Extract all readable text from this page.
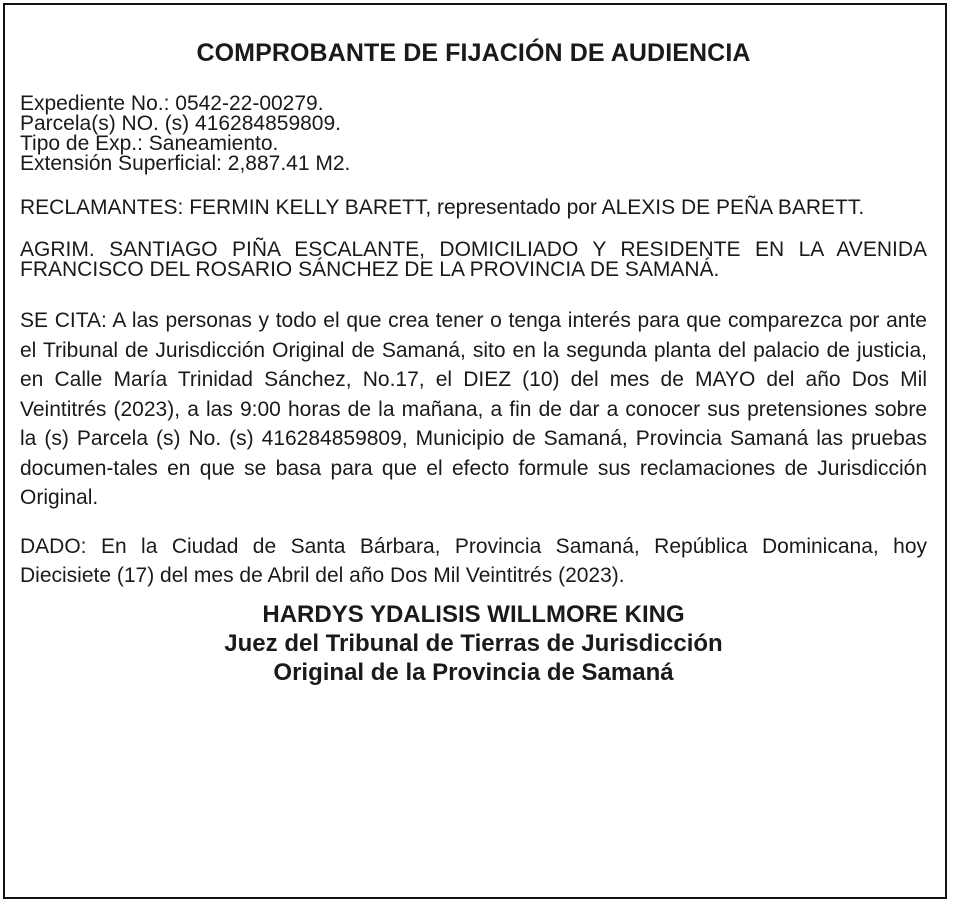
COMPROBANTE DE FIJACIÓN DE AUDIENCIA
Expediente No.: 0542-22-00279.
Parcela(s) NO. (s) 416284859809.
Tipo de Exp.: Saneamiento.
Extensión Superficial: 2,887.41 M2.

RECLAMANTES: FERMIN KELLY BARETT, representado por ALEXIS DE PEÑA BARETT.

AGRIM. SANTIAGO PIÑA ESCALANTE, DOMICILIADO Y RESIDENTE EN LA AVENIDA FRANCISCO DEL ROSARIO SÁNCHEZ DE LA PROVINCIA DE SAMANÁ.

SE CITA: A las personas y todo el que crea tener o tenga interés para que comparezca por ante el Tribunal de Jurisdicción Original de Samaná, sito en la segunda planta del palacio de justicia, en Calle María Trinidad Sánchez, No.17, el DIEZ (10) del mes de MAYO del año Dos Mil Veintitrés (2023), a las 9:00 horas de la mañana, a fin de dar a conocer sus pretensiones sobre la (s) Parcela (s) No. (s) 416284859809, Municipio de Samaná, Provincia Samaná las pruebas documen-tales en que se basa para que el efecto formule sus reclamaciones de Jurisdicción Original.

DADO: En la Ciudad de Santa Bárbara, Provincia Samaná, República Dominicana, hoy Diecisiete (17) del mes de Abril del año Dos Mil Veintitrés (2023).

HARDYS YDALISIS WILLMORE KING
Juez del Tribunal de Tierras de Jurisdicción
Original de la Provincia de Samaná
